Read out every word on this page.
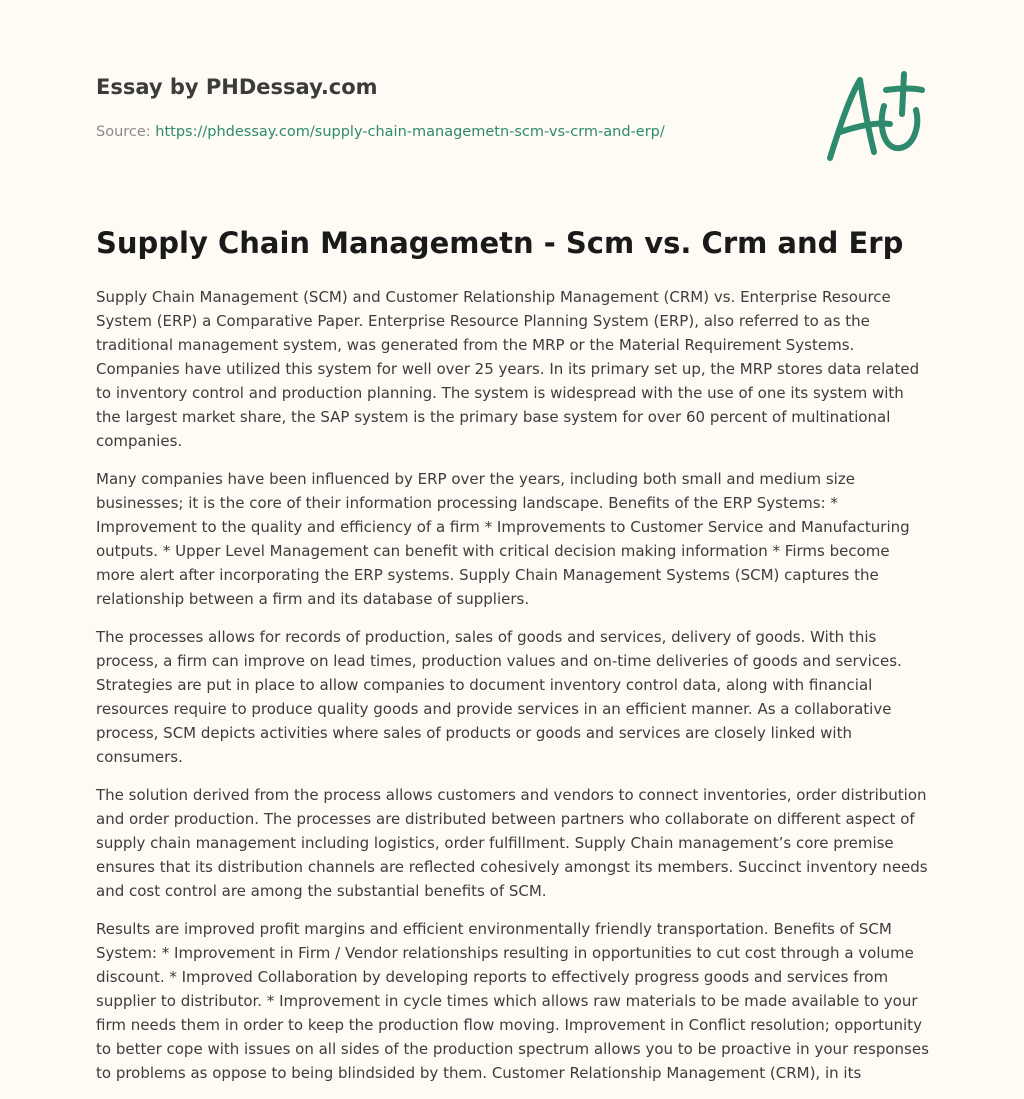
Essay by PHDessay.com
Source: https://phdessay.com/supply-chain-managemetn-scm-vs-crm-and-erp/
Supply Chain Managemetn - Scm vs. Crm and Erp

Supply Chain Management (SCM) and Customer Relationship Management (CRM) vs. Enterprise Resource System (ERP) a Comparative Paper. Enterprise Resource Planning System (ERP), also referred to as the traditional management system, was generated from the MRP or the Material Requirement Systems. Companies have utilized this system for well over 25 years. In its primary set up, the MRP stores data related to inventory control and production planning. The system is widespread with the use of one its system with the largest market share, the SAP system is the primary base system for over 60 percent of multinational companies.

Many companies have been influenced by ERP over the years, including both small and medium size businesses; it is the core of their information processing landscape. Benefits of the ERP Systems: * Improvement to the quality and efficiency of a firm * Improvements to Customer Service and Manufacturing outputs. * Upper Level Management can benefit with critical decision making information * Firms become more alert after incorporating the ERP systems. Supply Chain Management Systems (SCM) captures the relationship between a firm and its database of suppliers.

The processes allows for records of production, sales of goods and services, delivery of goods. With this process, a firm can improve on lead times, production values and on-time deliveries of goods and services. Strategies are put in place to allow companies to document inventory control data, along with financial resources require to produce quality goods and provide services in an efficient manner. As a collaborative process, SCM depicts activities where sales of products or goods and services are closely linked with consumers.

The solution derived from the process allows customers and vendors to connect inventories, order distribution and order production. The processes are distributed between partners who collaborate on different aspect of supply chain management including logistics, order fulfillment. Supply Chain management’s core premise ensures that its distribution channels are reflected cohesively amongst its members. Succinct inventory needs and cost control are among the substantial benefits of SCM.

Results are improved profit margins and efficient environmentally friendly transportation. Benefits of SCM System: * Improvement in Firm / Vendor relationships resulting in opportunities to cut cost through a volume discount. * Improved Collaboration by developing reports to effectively progress goods and services from supplier to distributor. * Improvement in cycle times which allows raw materials to be made available to your firm needs them in order to keep the production flow moving. Improvement in Conflict resolution; opportunity to better cope with issues on all sides of the production spectrum allows you to be proactive in your responses to problems as oppose to being blindsided by them. Customer Relationship Management (CRM), in its
